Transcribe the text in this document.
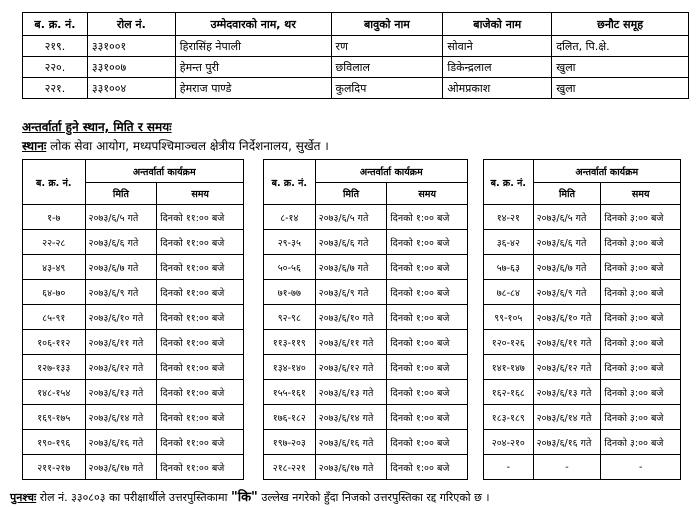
ब. क्र. नं.	रोल नं.	उम्मेदवारको नाम, थर	बावुको नाम	बाजेको नाम	छनौट समूह
२१९.	३३१००१	हिरासिंह नेपाली	रण	सोवाने	दलित, पि.क्षे.
२२०.	३३१००७	हेमन्त पुरी	छविलाल	डिकेन्द्रलाल	खुला
२२१.	३३१००४	हेमराज पाण्डे	कुलदिप	ओमप्रकाश	खुला
अन्तर्वार्ता हुने स्थान, मिति र समयः
स्थानः लोक सेवा आयोग, मध्यपश्चिमाञ्चल क्षेत्रीय निर्देशनालय, सुर्खेत ।
ब. क्र. नं.	अन्तर्वार्ता कार्यक्रम	
	मिति	समय
१-७	२०७३/६/५ गते	दिनको ११:०० बजे
२२-२८	२०७३/६/६ गते	दिनको ११:०० बजे
४३-४९	२०७३/६/७ गते	दिनको ११:०० बजे
६४-७०	२०७३/६/९ गते	दिनको ११:०० बजे
८५-९१	२०७३/६/१० गते	दिनको ११:०० बजे
१०६-११२	२०७३/६/११ गते	दिनको ११:०० बजे
१२७-१३३	२०७३/६/१२ गते	दिनको ११:०० बजे
१४८-१५४	२०७३/६/१३ गते	दिनको ११:०० बजे
१६९-१७५	२०७३/६/१४ गते	दिनको ११:०० बजे
१९०-१९६	२०७३/६/१६ गते	दिनको ११:०० बजे
२११-२१७	२०७३/६/१७ गते	दिनको ११:०० बजे
ब. क्र. नं.	अन्तर्वार्ता कार्यक्रम	
	मिति	समय
८-१४	२०७३/६/५ गते	दिनको १:०० बजे
२९-३५	२०७३/६/६ गते	दिनको १:०० बजे
५०-५६	२०७३/६/७ गते	दिनको १:०० बजे
७१-७७	२०७३/६/९ गते	दिनको १:०० बजे
९२-९८	२०७३/६/१० गते	दिनको १:०० बजे
११३-११९	२०७३/६/११ गते	दिनको १:०० बजे
१३४-१४०	२०७३/६/१२ गते	दिनको १:०० बजे
१५५-१६१	२०७३/६/१३ गते	दिनको १:०० बजे
१७६-१८२	२०७३/६/१४ गते	दिनको १:०० बजे
१९७-२०३	२०७३/६/१६ गते	दिनको १:०० बजे
२१८-२२१	२०७३/६/१७ गते	दिनको १:०० बजे
ब. क्र. नं.	अन्तर्वार्ता कार्यक्रम	
	मिति	समय
१४-२१	२०७३/६/५ गते	दिनको ३:०० बजे
३६-४२	२०७३/६/६ गते	दिनको ३:०० बजे
५७-६३	२०७३/६/७ गते	दिनको ३:०० बजे
७८-८४	२०७३/६/९ गते	दिनको ३:०० बजे
९९-१०५	२०७३/६/१० गते	दिनको ३:०० बजे
१२०-१२६	२०७३/६/११ गते	दिनको ३:०० बजे
१४१-१४७	२०७३/६/१२ गते	दिनको ३:०० बजे
१६२-१६८	२०७३/६/१३ गते	दिनको ३:०० बजे
१८३-१८९	२०७३/६/१४ गते	दिनको ३:०० बजे
२०४-२१०	२०७३/६/१६ गते	दिनको ३:०० बजे
-	-	-
पुनश्चः रोल नं. ३३०८०३ का परीक्षार्थीले उत्तरपुस्तिकामा "कि" उल्लेख नगरेको हुँदा निजको उत्तरपुस्तिका रद्द गरिएको छ ।
